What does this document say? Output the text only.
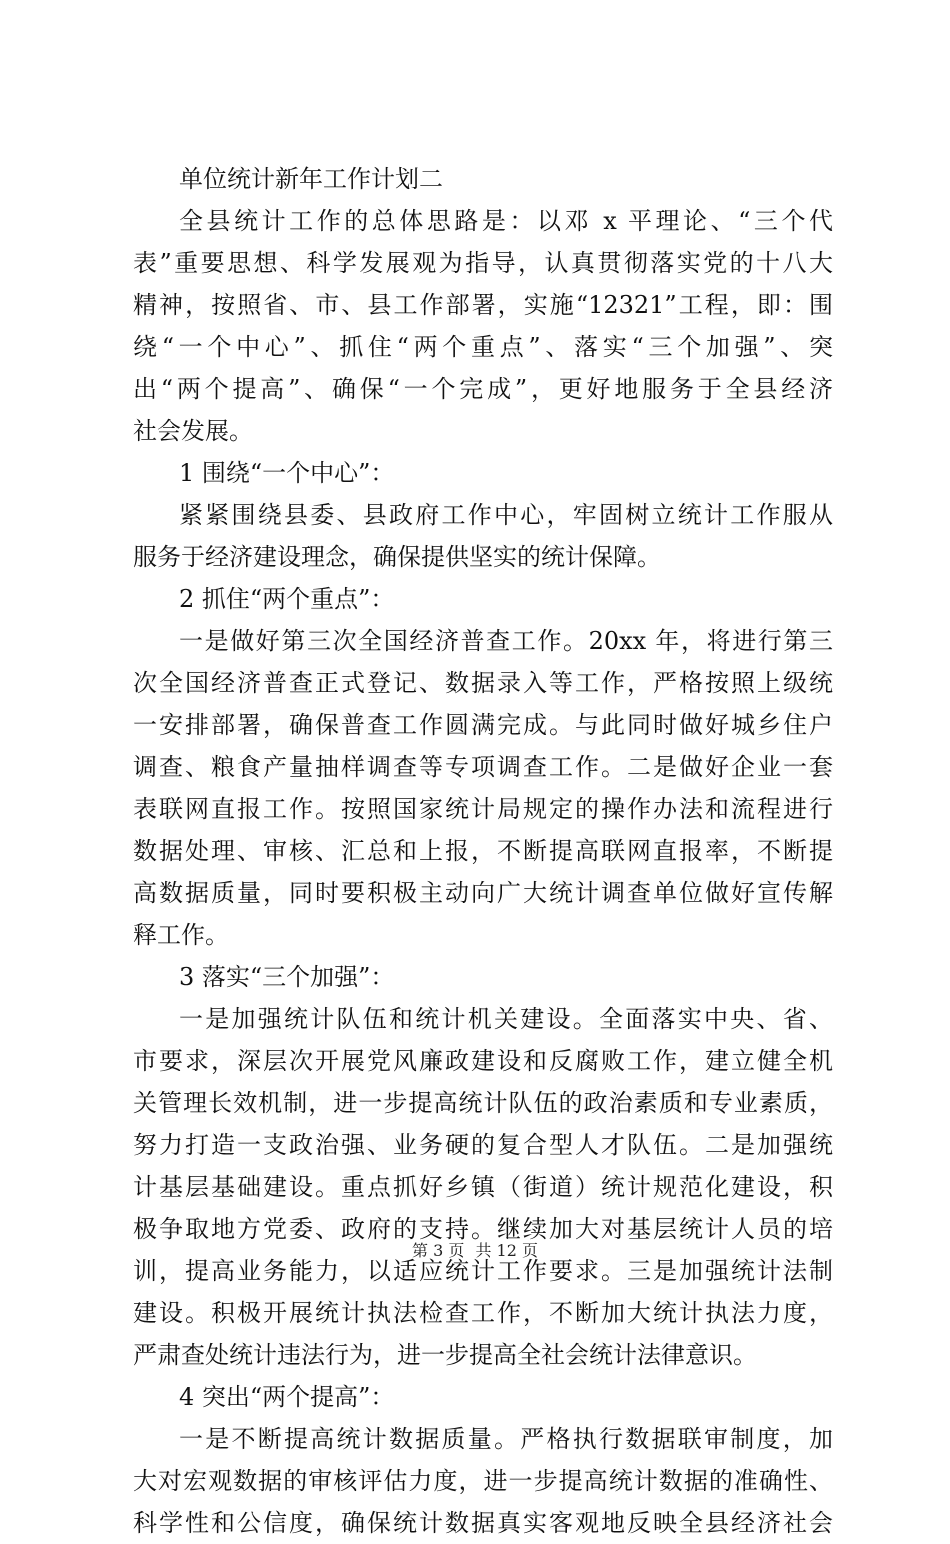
单位统计新年工作计划二
全县统计工作的总体思路是：以邓 x 平理论、“三个代
表”重要思想、科学发展观为指导，认真贯彻落实党的十八大
精神，按照省、市、县工作部署，实施“12321”工程，即：围
绕“一个中心”、抓住“两个重点”、落实“三个加强”、突
出“两个提高”、确保“一个完成”，更好地服务于全县经济
社会发展。
1 围绕“一个中心”：
紧紧围绕县委、县政府工作中心，牢固树立统计工作服从
服务于经济建设理念，确保提供坚实的统计保障。
2 抓住“两个重点”：
一是做好第三次全国经济普查工作。20xx 年，将进行第三
次全国经济普查正式登记、数据录入等工作，严格按照上级统
一安排部署，确保普查工作圆满完成。与此同时做好城乡住户
调查、粮食产量抽样调查等专项调查工作。二是做好企业一套
表联网直报工作。按照国家统计局规定的操作办法和流程进行
数据处理、审核、汇总和上报，不断提高联网直报率，不断提
高数据质量，同时要积极主动向广大统计调查单位做好宣传解
释工作。
3 落实“三个加强”：
一是加强统计队伍和统计机关建设。全面落实中央、省、
市要求，深层次开展党风廉政建设和反腐败工作，建立健全机
关管理长效机制，进一步提高统计队伍的政治素质和专业素质，
努力打造一支政治强、业务硬的复合型人才队伍。二是加强统
计基层基础建设。重点抓好乡镇（街道）统计规范化建设，积
极争取地方党委、政府的支持。继续加大对基层统计人员的培
训，提高业务能力，以适应统计工作要求。三是加强统计法制
建设。积极开展统计执法检查工作，不断加大统计执法力度，
严肃查处统计违法行为，进一步提高全社会统计法律意识。
4 突出“两个提高”：
一是不断提高统计数据质量。严格执行数据联审制度，加
大对宏观数据的审核评估力度，进一步提高统计数据的准确性、
科学性和公信度，确保统计数据真实客观地反映全县经济社会
第 3 页 共 12 页
